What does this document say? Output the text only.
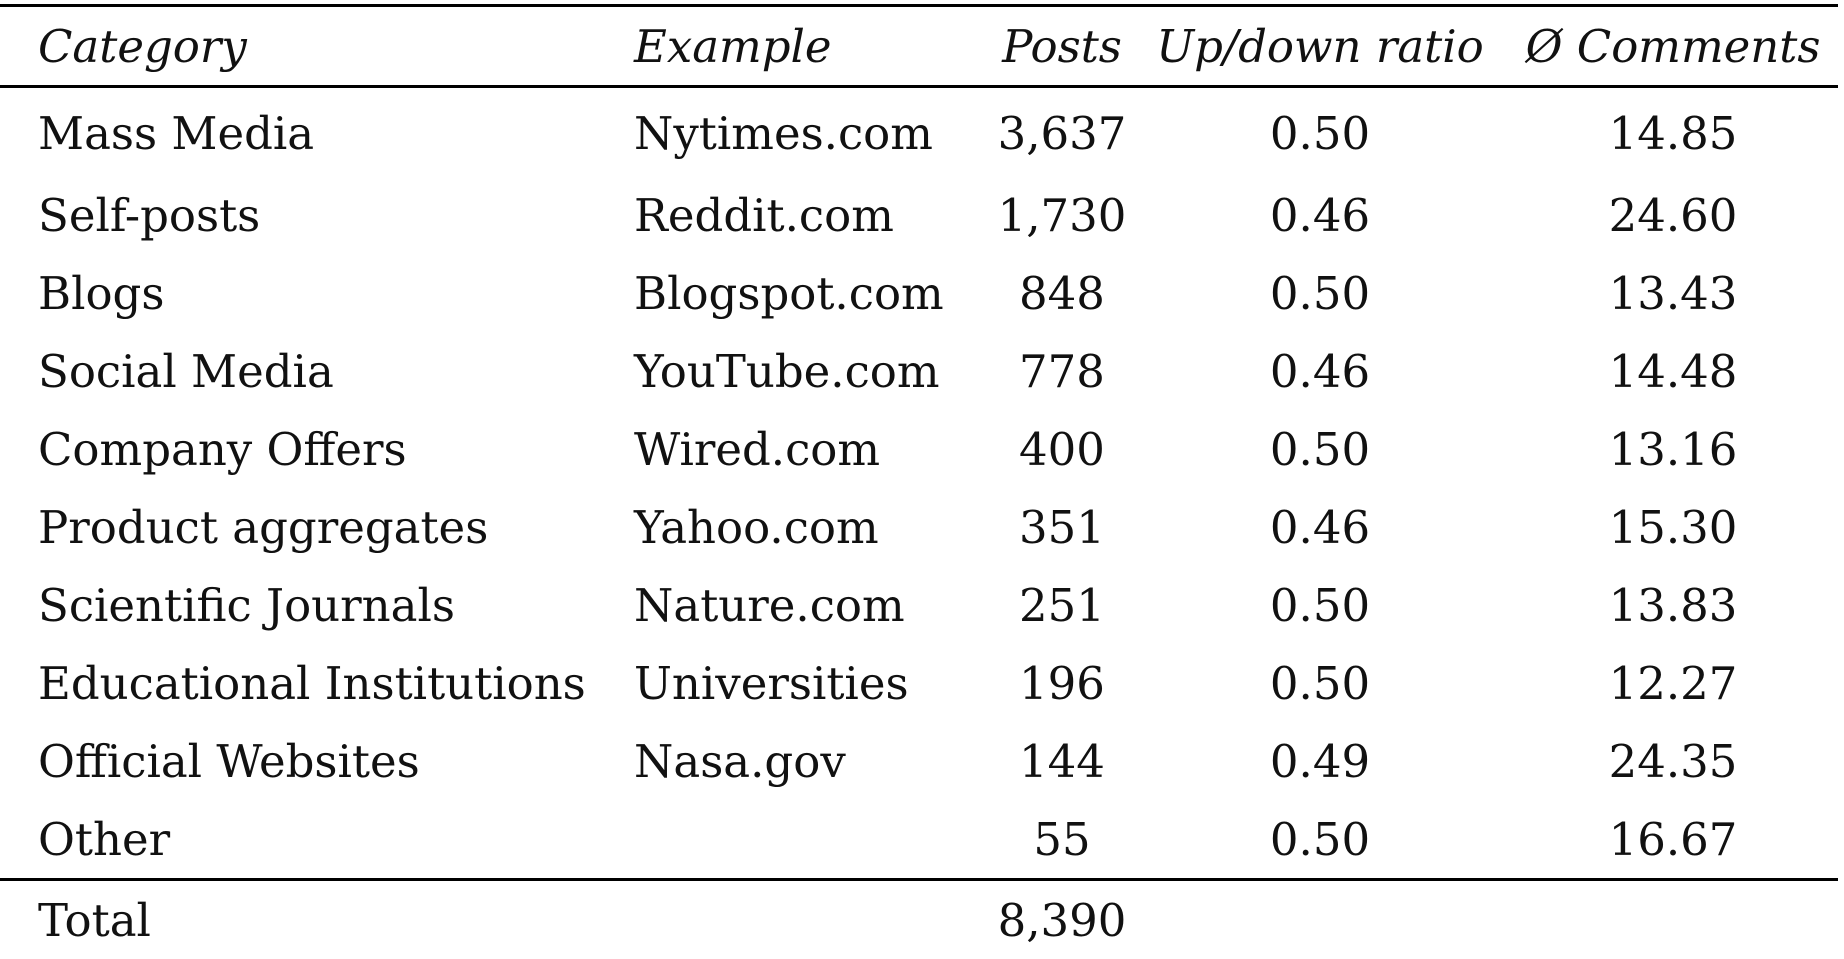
Category	Example	Posts	Up/down ratio	Ø Comments
Mass Media	Nytimes.com	3,637	0.50	14.85
Self-posts	Reddit.com	1,730	0.46	24.60
Blogs	Blogspot.com	848	0.50	13.43
Social Media	YouTube.com	778	0.46	14.48
Company Offers	Wired.com	400	0.50	13.16
Product aggregates	Yahoo.com	351	0.46	15.30
Scientific Journals	Nature.com	251	0.50	13.83
Educational Institutions	Universities	196	0.50	12.27
Official Websites	Nasa.gov	144	0.49	24.35
Other		55	0.50	16.67
Total		8,390		
